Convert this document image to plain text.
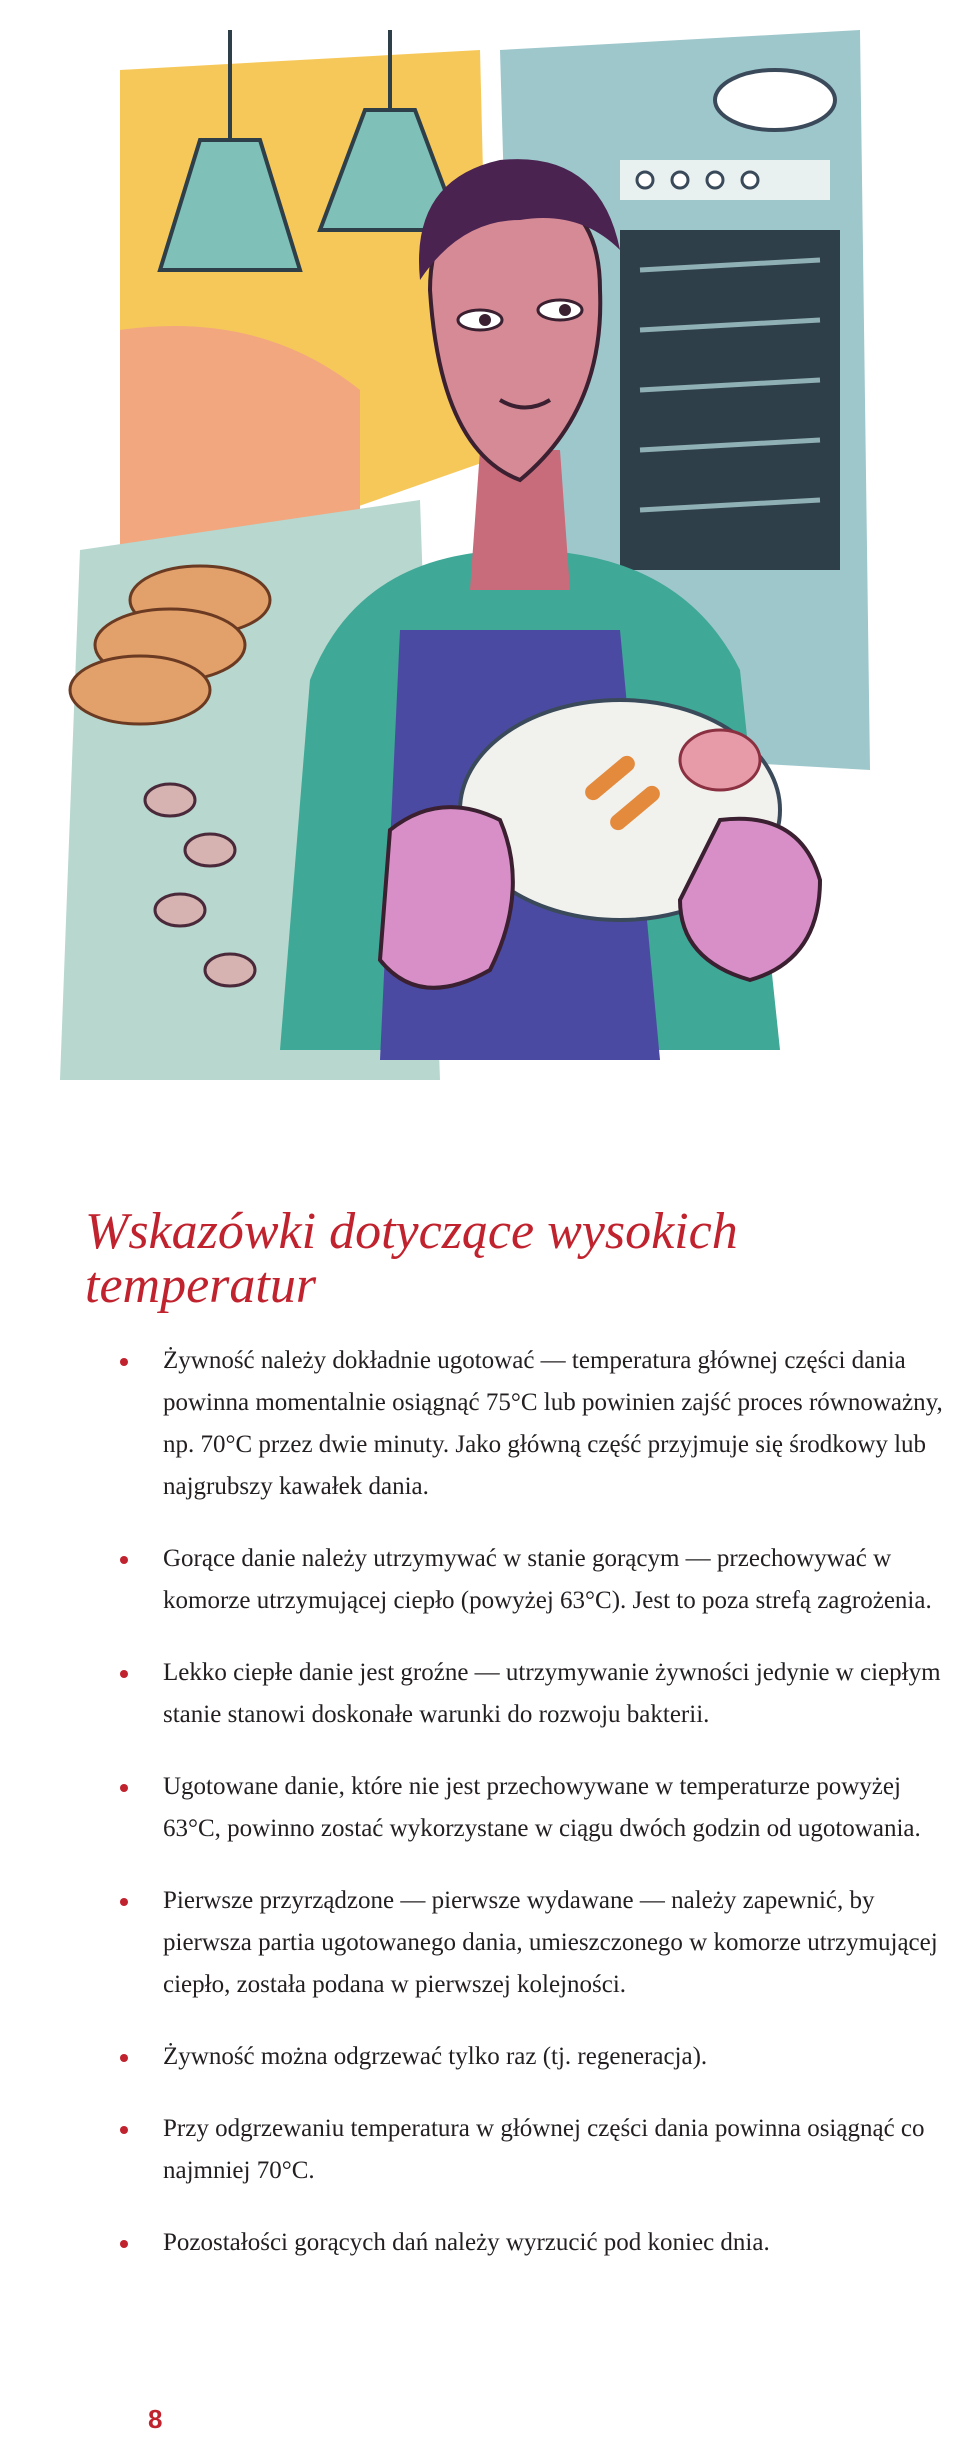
Wskazówki dotyczące wysokich temperatur
Żywność należy dokładnie ugotować — temperatura głównej części dania powinna momentalnie osiągnąć 75°C lub powinien zajść proces równoważny, np. 70°C przez dwie minuty. Jako główną część przyjmuje się środkowy lub najgrubszy kawałek dania.
Gorące danie należy utrzymywać w stanie gorącym — przechowywać w komorze utrzymującej ciepło (powyżej 63°C). Jest to poza strefą zagrożenia.
Lekko ciepłe danie jest groźne — utrzymywanie żywności jedynie w ciepłym stanie stanowi doskonałe warunki do rozwoju bakterii.
Ugotowane danie, które nie jest przechowywane w temperaturze powyżej 63°C, powinno zostać wykorzystane w ciągu dwóch godzin od ugotowania.
Pierwsze przyrządzone — pierwsze wydawane — należy zapewnić, by pierwsza partia ugotowanego dania, umieszczonego w komorze utrzymującej ciepło, została podana w pierwszej kolejności.
Żywność można odgrzewać tylko raz (tj. regeneracja).
Przy odgrzewaniu temperatura w głównej części dania powinna osiągnąć co najmniej 70°C.
Pozostałości gorących dań należy wyrzucić pod koniec dnia.
8
